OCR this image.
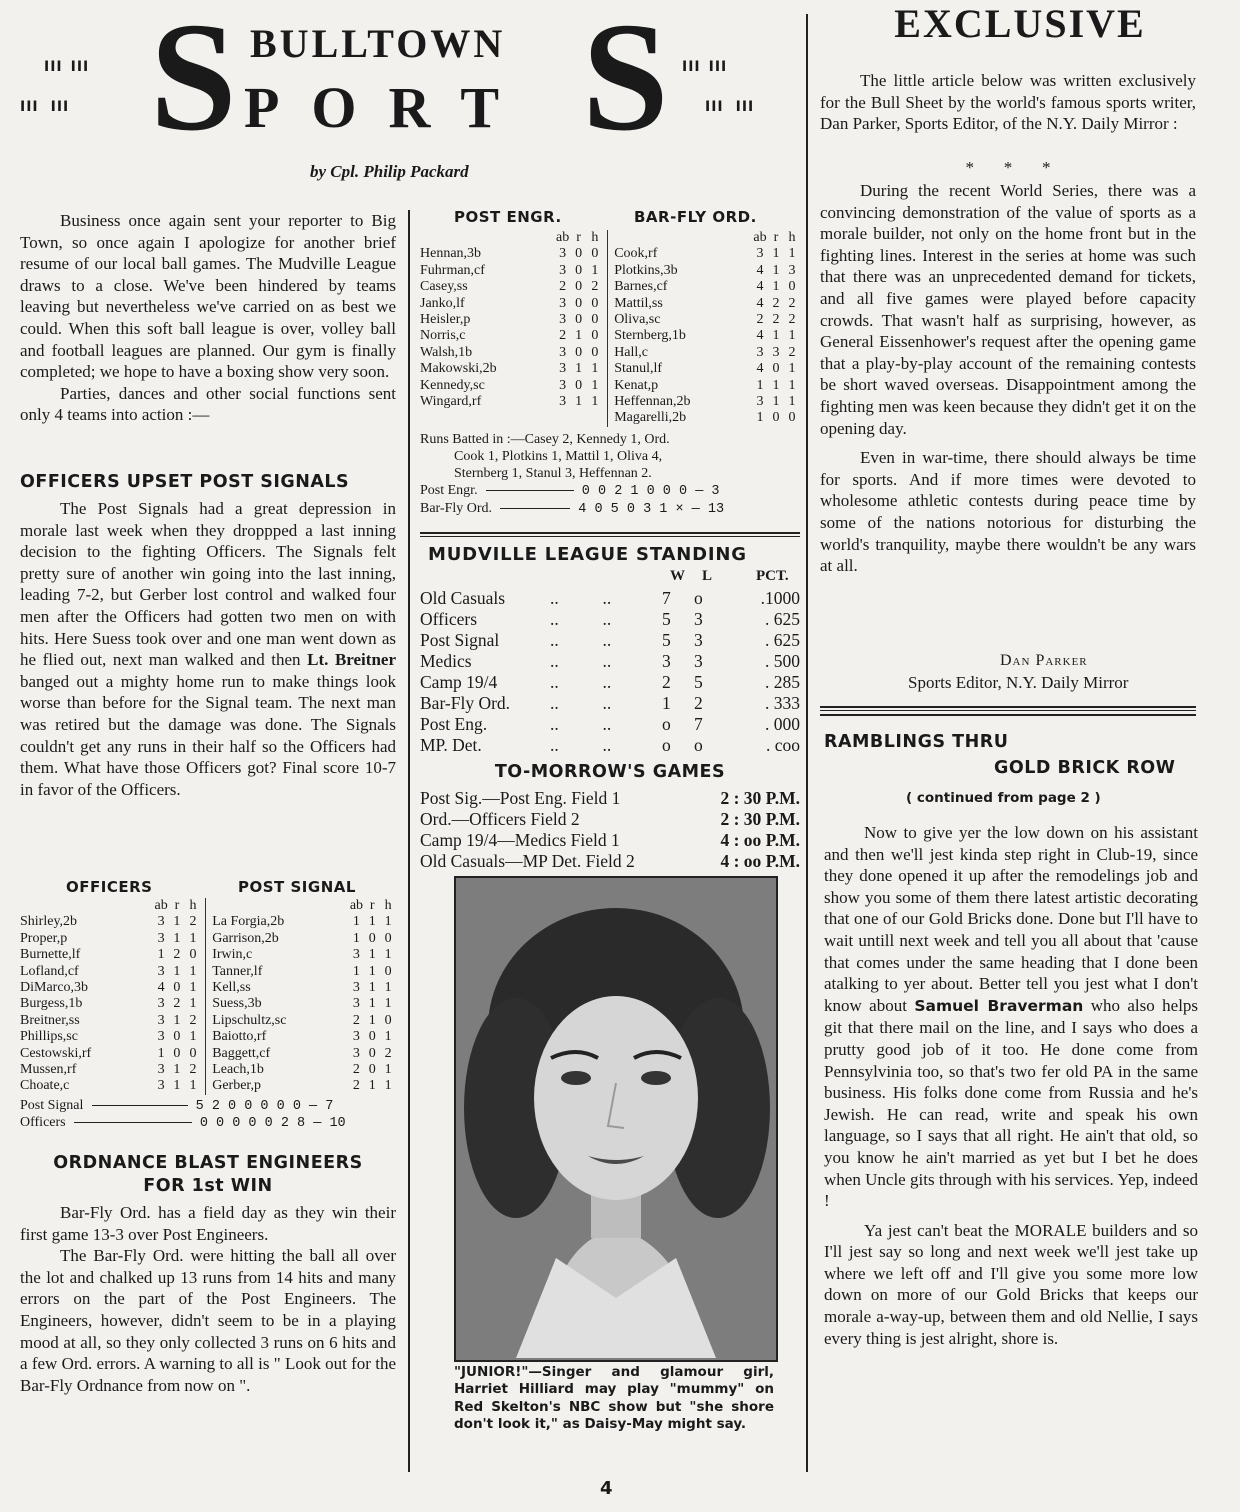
III III
III III
III III
III III
S S
BULLTOWN
PORT
by Cpl. Philip Packard

Business once again sent your reporter to Big Town, so once again I apologize for another brief resume of our local ball games. The Mudville League draws to a close. We've been hindered by teams leaving but nevertheless we've carried on as best we could. When this soft ball league is over, volley ball and football leagues are planned. Our gym is finally completed; we hope to have a boxing show very soon.

Parties, dances and other social functions sent only 4 teams into action :—

OFFICERS UPSET POST SIGNALS

The Post Signals had a great depression in morale last week when they droppped a last inning decision to the fighting Officers. The Signals felt pretty sure of another win going into the last inning, leading 7-2, but Gerber lost control and walked four men after the Officers had gotten two men on with hits. Here Suess took over and one man went down as he flied out, next man walked and then Lt. Breitner banged out a mighty home run to make things look worse than before for the Signal team. The next man was retired but the damage was done. The Signals couldn't get any runs in their half so the Officers had them. What have those Officers got? Final score 10-7 in favor of the Officers.

OFFICERS	POST SIGNAL
	ab	r	h		ab	r	h
Shirley,2b	3	1	2	La Forgia,2b	1	1	1
Proper,p	3	1	1	Garrison,2b	1	0	0
Burnette,lf	1	2	0	Irwin,c	3	1	1
Lofland,cf	3	1	1	Tanner,lf	1	1	0
DiMarco,3b	4	0	1	Kell,ss	3	1	1
Burgess,1b	3	2	1	Suess,3b	3	1	1
Breitner,ss	3	1	2	Lipschultz,sc	2	1	0
Phillips,sc	3	0	1	Baiotto,rf	3	0	1
Cestowski,rf	1	0	0	Baggett,cf	3	0	2
Mussen,rf	3	1	2	Leach,1b	2	0	1
Choate,c	3	1	1	Gerber,p	2	1	1
Post Signal	5 2 0 0 0 0 0 — 7
Officers	0 0 0 0 0 2 8 — 10
ORDNANCE BLAST ENGINEERS
FOR 1st WIN

Bar-Fly Ord. has a field day as they win their first game 13-3 over Post Engineers.

The Bar-Fly Ord. were hitting the ball all over the lot and chalked up 13 runs from 14 hits and many errors on the part of the Post Engineers. The Engineers, however, didn't seem to be in a playing mood at all, so they only collected 3 runs on 6 hits and a few Ord. errors. A warning to all is " Look out for the Bar-Fly Ordnance from now on ".

POST ENGR.	BAR-FLY ORD.
	ab	r	h		ab	r	h
Hennan,3b	3	0	0	Cook,rf	3	1	1
Fuhrman,cf	3	0	1	Plotkins,3b	4	1	3
Casey,ss	2	0	2	Barnes,cf	4	1	0
Janko,lf	3	0	0	Mattil,ss	4	2	2
Heisler,p	3	0	0	Oliva,sc	2	2	2
Norris,c	2	1	0	Sternberg,1b	4	1	1
Walsh,1b	3	0	0	Hall,c	3	3	2
Makowski,2b	3	1	1	Stanul,lf	4	0	1
Kennedy,sc	3	0	1	Kenat,p	1	1	1
Wingard,rf	3	1	1	Heffennan,2b	3	1	1
				Magarelli,2b	1	0	0
Runs Batted in :—Casey 2, Kennedy 1, Ord.
Cook 1, Plotkins 1, Mattil 1, Oliva 4,
Sternberg 1, Stanul 3, Heffennan 2.
Post Engr.	0 0 2 1 0 0 0 — 3
Bar-Fly Ord.	4 0 5 0 3 1 × — 13
MUDVILLE LEAGUE STANDING
W L	PCT.
Old Casuals	..          ..	7	o	.1000
Officers	..          ..	5	3	. 625
Post Signal	..          ..	5	3	. 625
Medics	..          ..	3	3	. 500
Camp 19/4	..          ..	2	5	. 285
Bar-Fly Ord.	..          ..	1	2	. 333
Post Eng.	..          ..	o	7	. 000
MP. Det.	..          ..	o	o	. coo
TO-MORROW'S GAMES
Post Sig.—Post Eng. Field 1	2 : 30 P.M.
Ord.—Officers Field 2	2 : 30 P.M.
Camp 19/4—Medics Field 1	4 : oo P.M.
Old Casuals—MP Det. Field 2	4 : oo P.M.
"JUNIOR!"—Singer and glamour girl, Harriet Hilliard may play "mummy" on Red Skelton's NBC show but "she shore don't look it," as Daisy-May might say.
EXCLUSIVE

The little article below was written exclusively for the Bull Sheet by the world's famous sports writer, Dan Parker, Sports Editor, of the N.Y. Daily Mirror :

*       *       *

During the recent World Series, there was a convincing demonstration of the value of sports as a morale builder, not only on the home front but in the fighting lines. Interest in the series at home was such that there was an unprecedented demand for tickets, and all five games were played before capacity crowds. That wasn't half as surprising, however, as General Eissenhower's request after the opening game that a play-by-play account of the remaining contests be short waved overseas. Disappointment among the fighting men was keen because they didn't get it on the opening day.

Even in war-time, there should always be time for sports. And if more times were devoted to wholesome athletic contests during peace time by some of the nations notorious for disturbing the world's tranquility, maybe there wouldn't be any wars at all.

Dan Parker
Sports Editor, N.Y. Daily Mirror
RAMBLINGS THRU
GOLD BRICK ROW
( continued from page 2 )

Now to give yer the low down on his assistant and then we'll jest kinda step right in Club-19, since they done opened it up after the remodelings job and show you some of them there latest artistic decorating that one of our Gold Bricks done. Done but I'll have to wait untill next week and tell you all about that 'cause that comes under the same heading that I done been atalking to yer about. Better tell you jest what I don't know about Samuel Braverman who also helps git that there mail on the line, and I says who does a prutty good job of it too. He done come from Pennsylvinia too, so that's two fer old PA in the same business. His folks done come from Russia and he's Jewish. He can read, write and speak his own language, so I says that all right. He ain't that old, so you know he ain't married as yet but I bet he does when Uncle gits through with his services. Yep, indeed !

Ya jest can't beat the MORALE builders and so I'll jest say so long and next week we'll jest take up where we left off and I'll give you some more low down on more of our Gold Bricks that keeps our morale a-way-up, between them and old Nellie, I says every thing is jest alright, shore is.

4
